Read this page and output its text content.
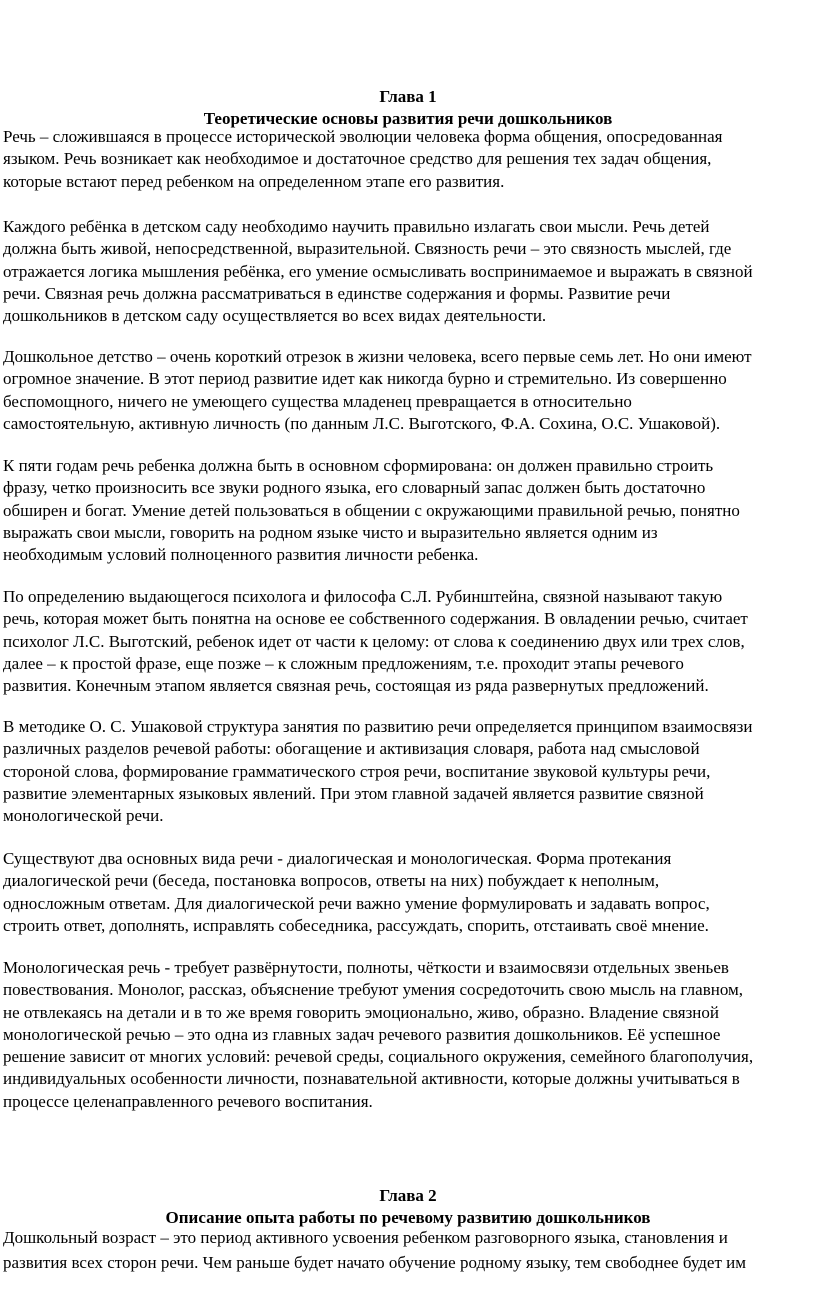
Глава 1
Теоретические основы развития речи дошкольников
Речь – сложившаяся в процессе исторической эволюции человека форма общения, опосредованная
языком. Речь возникает как необходимое и достаточное средство для решения тех задач общения,
которые встают перед ребенком на определенном этапе его развития.
Каждого ребёнка в детском саду необходимо научить правильно излагать свои мысли. Речь детей
должна быть живой, непосредственной, выразительной. Связность речи – это связность мыслей, где
отражается логика мышления ребёнка, его умение осмысливать воспринимаемое и выражать в связной
речи. Связная речь должна рассматриваться в единстве содержания и формы. Развитие речи
дошкольников в детском саду осуществляется во всех видах деятельности.
Дошкольное детство – очень короткий отрезок в жизни человека, всего первые семь лет. Но они имеют
огромное значение. В этот период развитие идет как никогда бурно и стремительно. Из совершенно
беспомощного, ничего не умеющего существа младенец превращается в относительно
самостоятельную, активную личность (по данным Л.С. Выготского, Ф.А. Сохина, О.С. Ушаковой).
К пяти годам речь ребенка должна быть в основном сформирована: он должен правильно строить
фразу, четко произносить все звуки родного языка, его словарный запас должен быть достаточно
обширен и богат. Умение детей пользоваться в общении с окружающими правильной речью, понятно
выражать свои мысли, говорить на родном языке чисто и выразительно является одним из
необходимым условий полноценного развития личности ребенка.
По определению выдающегося психолога и философа С.Л. Рубинштейна, связной называют такую
речь, которая может быть понятна на основе ее собственного содержания. В овладении речью, считает
психолог Л.С. Выготский, ребенок идет от части к целому: от слова к соединению двух или трех слов,
далее – к простой фразе, еще позже – к сложным предложениям, т.е. проходит этапы речевого
развития. Конечным этапом является связная речь, состоящая из ряда развернутых предложений.
В методике О. С. Ушаковой структура занятия по развитию речи определяется принципом взаимосвязи
различных разделов речевой работы: обогащение и активизация словаря, работа над смысловой
стороной слова, формирование грамматического строя речи, воспитание звуковой культуры речи,
развитие элементарных языковых явлений. При этом главной задачей является развитие связной
монологической речи.
Существуют два основных вида речи - диалогическая и монологическая. Форма протекания
диалогической речи (беседа, постановка вопросов, ответы на них) побуждает к неполным,
односложным ответам. Для диалогической речи важно умение формулировать и задавать вопрос,
строить ответ, дополнять, исправлять собеседника, рассуждать, спорить, отстаивать своё мнение.
Монологическая речь - требует развёрнутости, полноты, чёткости и взаимосвязи отдельных звеньев
повествования. Монолог, рассказ, объяснение требуют умения сосредоточить свою мысль на главном,
не отвлекаясь на детали и в то же время говорить эмоционально, живо, образно. Владение связной
монологической речью – это одна из главных задач речевого развития дошкольников. Её успешное
решение зависит от многих условий: речевой среды, социального окружения, семейного благополучия,
индивидуальных особенности личности, познавательной активности, которые должны учитываться в
процессе целенаправленного речевого воспитания.
Глава 2
Описание опыта работы по речевому развитию дошкольников
Дошкольный возраст – это период активного усвоения ребенком разговорного языка, становления и
развития всех сторон речи. Чем раньше будет начато обучение родному языку, тем свободнее будет им
